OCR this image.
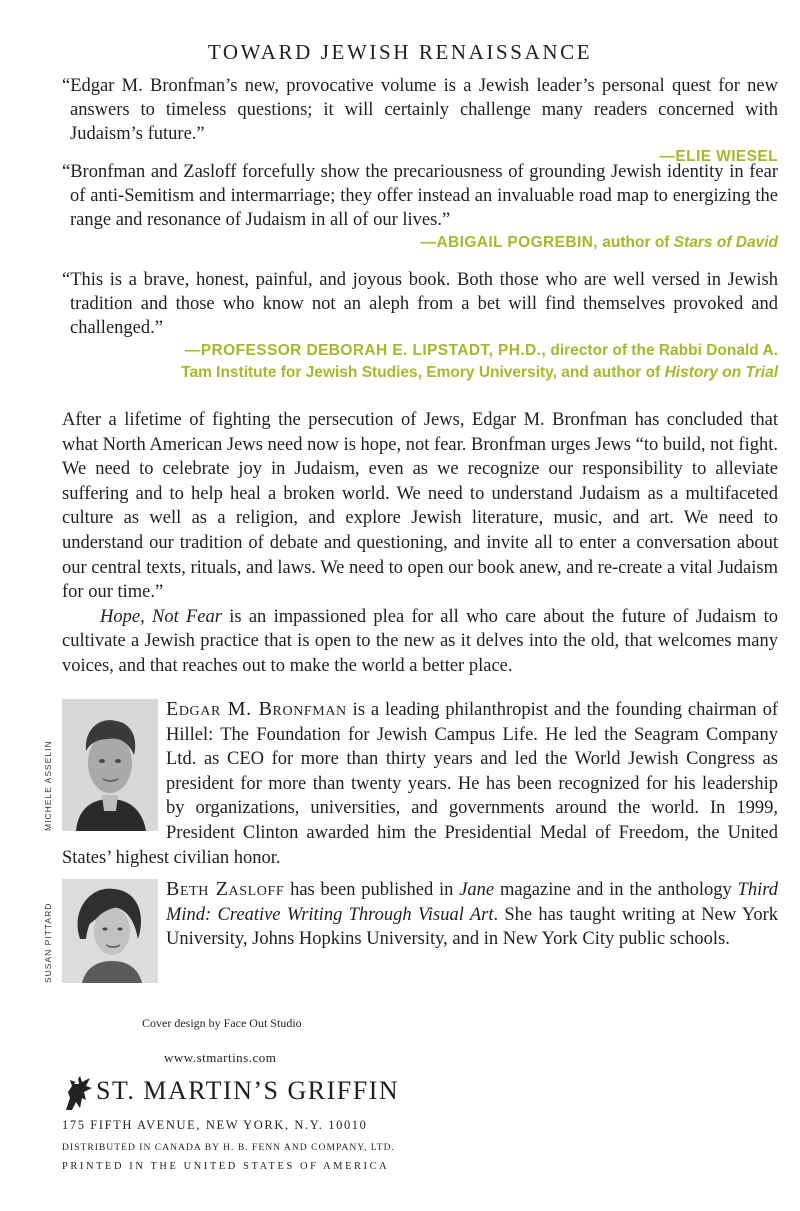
TOWARD JEWISH RENAISSANCE

“Edgar M. Bronfman’s new, provocative volume is a Jewish leader’s personal quest for new answers to timeless questions; it will certainly challenge many readers concerned with Judaism’s future.”

—ELIE WIESEL

“Bronfman and Zasloff forcefully show the precariousness of grounding Jewish identity in fear of anti-Semitism and intermarriage; they offer instead an invaluable road map to energizing the range and resonance of Judaism in all of our lives.”

—ABIGAIL POGREBIN, author of Stars of David

“This is a brave, honest, painful, and joyous book. Both those who are well versed in Jewish tradition and those who know not an aleph from a bet will find themselves provoked and challenged.”

—PROFESSOR DEBORAH E. LIPSTADT, PH.D., director of the Rabbi Donald A.
Tam Institute for Jewish Studies, Emory University, and author of History on Trial

After a lifetime of fighting the persecution of Jews, Edgar M. Bronfman has concluded that what North American Jews need now is hope, not fear. Bronfman urges Jews “to build, not fight. We need to celebrate joy in Judaism, even as we recognize our responsibility to alleviate suffering and to help heal a broken world. We need to understand Judaism as a multifaceted culture as well as a religion, and explore Jewish literature, music, and art. We need to understand our tradition of debate and questioning, and invite all to enter a conversation about our central texts, rituals, and laws. We need to open our book anew, and re-create a vital Judaism for our time.”

Hope, Not Fear is an impassioned plea for all who care about the future of Judaism to cultivate a Jewish practice that is open to the new as it delves into the old, that welcomes many voices, and that reaches out to make the world a better place.

MICHELE ASSELIN
Edgar M. Bronfman is a leading philanthropist and the founding chairman of Hillel: The Foundation for Jewish Campus Life. He led the Seagram Company Ltd. as CEO for more than thirty years and led the World Jewish Congress as president for more than twenty years. He has been recognized for his leadership by organizations, universities, and governments around the world. In 1999, President Clinton awarded him the Presidential Medal of Freedom, the United States’ highest civilian honor.
SUSAN PITTARD
Beth Zasloff has been published in Jane magazine and in the anthology Third Mind: Creative Writing Through Visual Art. She has taught writing at New York University, Johns Hopkins University, and in New York City public schools.
Cover design by Face Out Studio
www.stmartins.com
ST. MARTIN’S GRIFFIN
175 FIFTH AVENUE, NEW YORK, N.Y. 10010
DISTRIBUTED IN CANADA BY H. B. FENN AND COMPANY, LTD.
PRINTED IN THE UNITED STATES OF AMERICA
